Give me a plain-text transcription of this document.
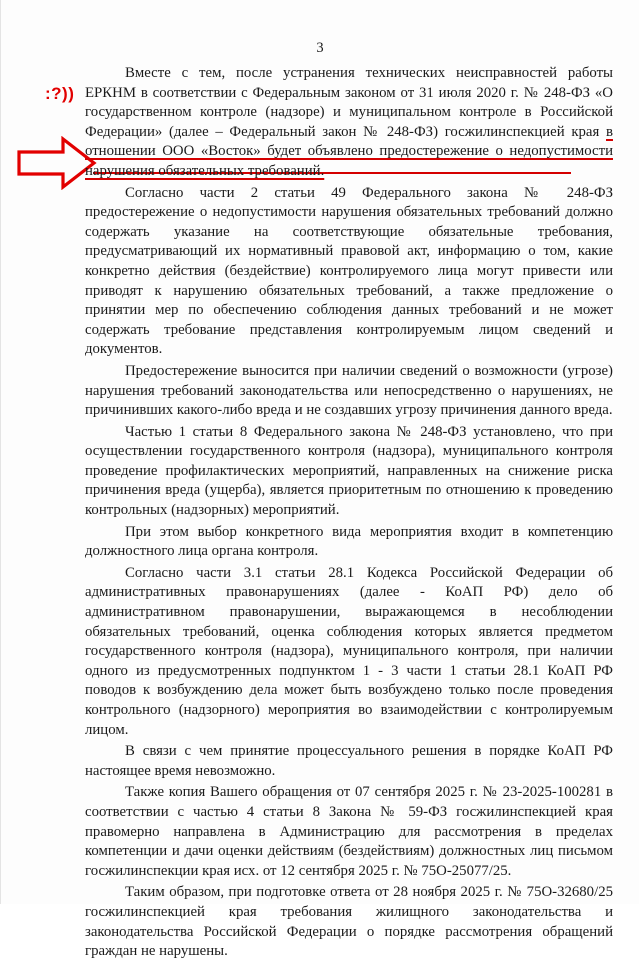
3
:?))

Вместе с тем, после устранения технических неисправностей работы ЕРКНМ в соответствии с Федеральным законом от 31 июля 2020 г. № 248-ФЗ «О государственном контроле (надзоре) и муниципальном контроле в Российской Федерации» (далее – Федеральный закон № 248-ФЗ) госжилинспекцией края в отношении ООО «Восток» будет объявлено предостережение о недопустимости нарушения обязательных требований.

Согласно части 2 статьи 49 Федерального закона № 248-ФЗ предостережение о недопустимости нарушения обязательных требований должно содержать указание на соответствующие обязательные требования, предусматривающий их нормативный правовой акт, информацию о том, какие конкретно действия (бездействие) контролируемого лица могут привести или приводят к нарушению обязательных требований, а также предложение о принятии мер по обеспечению соблюдения данных требований и не может содержать требование представления контролируемым лицом сведений и документов.

Предостережение выносится при наличии сведений о возможности (угрозе) нарушения требований законодательства или непосредственно о нарушениях, не причинивших какого-либо вреда и не создавших угрозу причинения данного вреда.

Частью 1 статьи 8 Федерального закона № 248-ФЗ установлено, что при осуществлении государственного контроля (надзора), муниципального контроля проведение профилактических мероприятий, направленных на снижение риска причинения вреда (ущерба), является приоритетным по отношению к проведению контрольных (надзорных) мероприятий.

При этом выбор конкретного вида мероприятия входит в компетенцию должностного лица органа контроля.

Согласно части 3.1 статьи 28.1 Кодекса Российской Федерации об административных правонарушениях (далее - КоАП РФ) дело об административном правонарушении, выражающемся в несоблюдении обязательных требований, оценка соблюдения которых является предметом государственного контроля (надзора), муниципального контроля, при наличии одного из предусмотренных подпунктом 1 - 3 части 1 статьи 28.1 КоАП РФ поводов к возбуждению дела может быть возбуждено только после проведения контрольного (надзорного) мероприятия во взаимодействии с контролируемым лицом.

В связи с чем принятие процессуального решения в порядке КоАП РФ настоящее время невозможно.

Также копия Вашего обращения от 07 сентября 2025 г. № 23-2025-100281 в соответствии с частью 4 статьи 8 Закона № 59-ФЗ госжилинспекцией края правомерно направлена в Администрацию для рассмотрения в пределах компетенции и дачи оценки действиям (бездействиям) должностных лиц письмом госжилинспекции края исх. от 12 сентября 2025 г. № 75О-25077/25.

Таким образом, при подготовке ответа от 28 ноября 2025 г. № 75О-32680/25 госжилинспекцией края требования жилищного законодательства и законодательства Российской Федерации о порядке рассмотрения обращений граждан не нарушены.
